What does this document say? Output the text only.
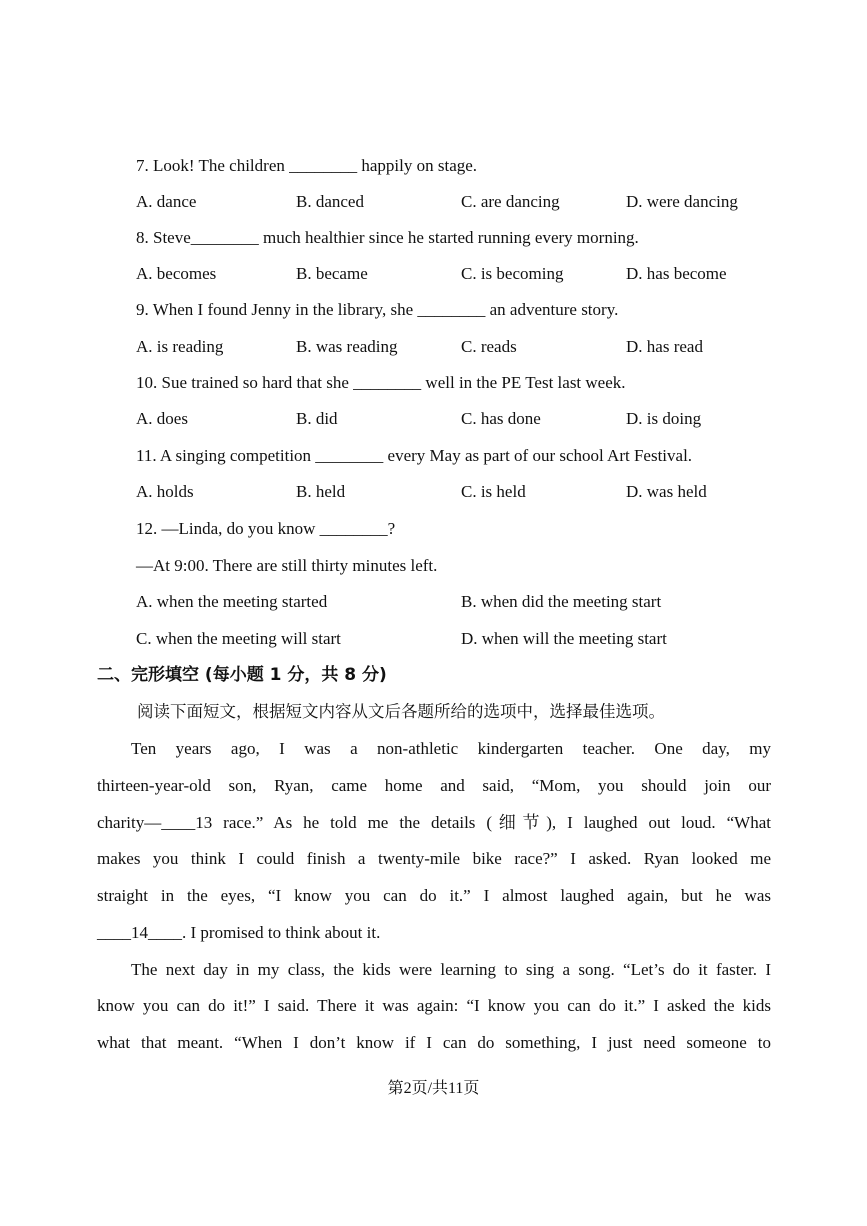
7. Look! The children ________ happily on stage.
A. dance	B. danced	C. are dancing	D. were dancing
8. Steve________ much healthier since he started running every morning.
A. becomes	B. became	C. is becoming	D. has become
9. When I found Jenny in the library, she ________ an adventure story.
A. is reading	B. was reading	C. reads	D. has read
10. Sue trained so hard that she ________ well in the PE Test last week.
A. does	B. did	C. has done	D. is doing
11. A singing competition ________ every May as part of our school Art Festival.
A. holds	B. held	C. is held	D. was held
12. —Linda, do you know ________?
—At 9:00. There are still thirty minutes left.
A. when the meeting started	B. when did the meeting start
C. when the meeting will start	D. when will the meeting start
二、完形填空 (每小题 1 分，共 8 分)
阅读下面短文，根据短文内容从文后各题所给的选项中，选择最佳选项。
Ten years ago, I was a non-athletic kindergarten teacher. One day, my
thirteen-year-old son, Ryan, came home and said, “Mom, you should join our
charity—____13 race.” As he told me the details (细节), I laughed out loud. “What
makes you think I could finish a twenty-mile bike race?” I asked. Ryan looked me
straight in the eyes, “I know you can do it.” I almost laughed again, but he was
____14____. I promised to think about it.
The next day in my class, the kids were learning to sing a song. “Let’s do it faster. I
know you can do it!” I said. There it was again: “I know you can do it.” I asked the kids
what that meant. “When I don’t know if I can do something, I just need someone to
第2页/共11页
